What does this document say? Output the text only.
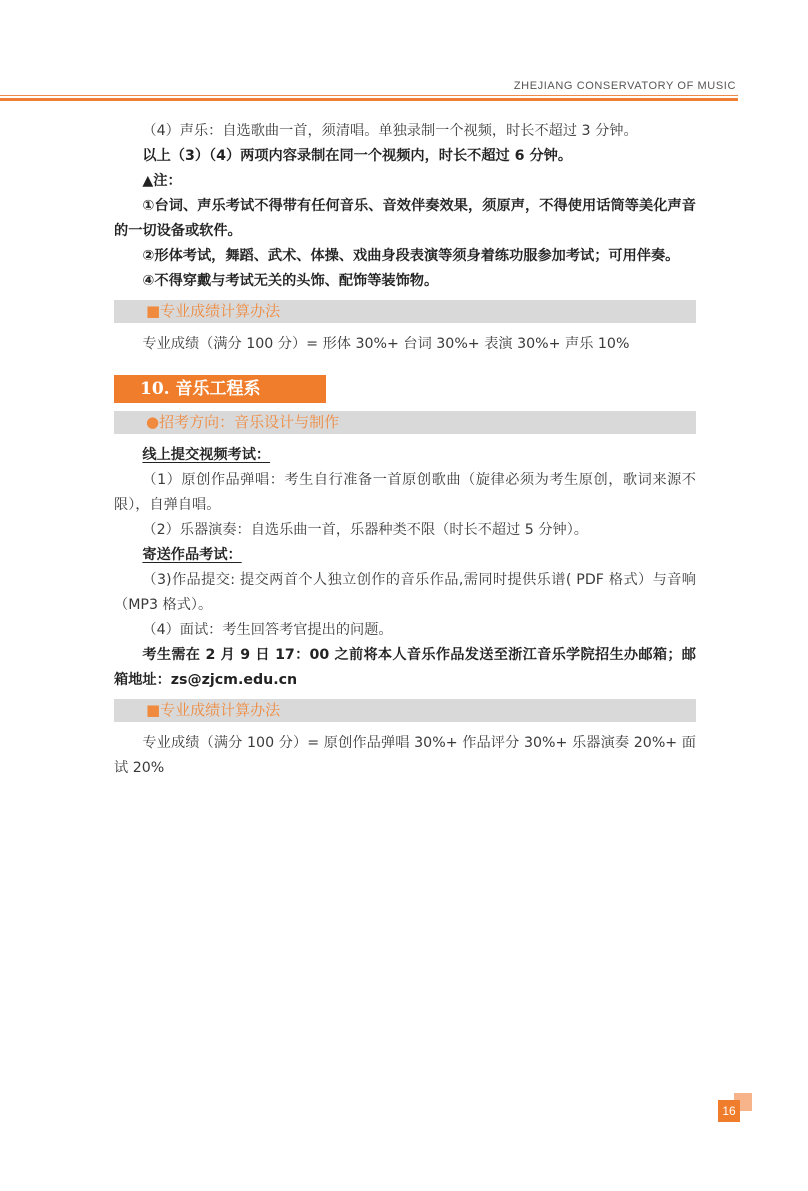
ZHEJIANG CONSERVATORY OF MUSIC

（4）声乐：自选歌曲一首，须清唱。单独录制一个视频，时长不超过 3 分钟。

以上（3）（4）两项内容录制在同一个视频内，时长不超过 6 分钟。

▲注：

①台词、声乐考试不得带有任何音乐、音效伴奏效果，须原声，不得使用话筒等美化声音的一切设备或软件。

②形体考试，舞蹈、武术、体操、戏曲身段表演等须身着练功服参加考试；可用伴奏。

④不得穿戴与考试无关的头饰、配饰等装饰物。

■专业成绩计算办法

专业成绩（满分 100 分）= 形体 30%+ 台词 30%+ 表演 30%+ 声乐 10%

10. 音乐工程系
●招考方向：音乐设计与制作

线上提交视频考试：

（1）原创作品弹唱：考生自行准备一首原创歌曲（旋律必须为考生原创，歌词来源不限），自弹自唱。

（2）乐器演奏：自选乐曲一首，乐器种类不限（时长不超过 5 分钟）。

寄送作品考试：

（3)作品提交: 提交两首个人独立创作的音乐作品,需同时提供乐谱( PDF 格式）与音响（MP3 格式）。

（4）面试：考生回答考官提出的问题。

考生需在 2 月 9 日 17：00 之前将本人音乐作品发送至浙江音乐学院招生办邮箱；邮箱地址：zs@zjcm.edu.cn

■专业成绩计算办法

专业成绩（满分 100 分）= 原创作品弹唱 30%+ 作品评分 30%+ 乐器演奏 20%+ 面试 20%

16
